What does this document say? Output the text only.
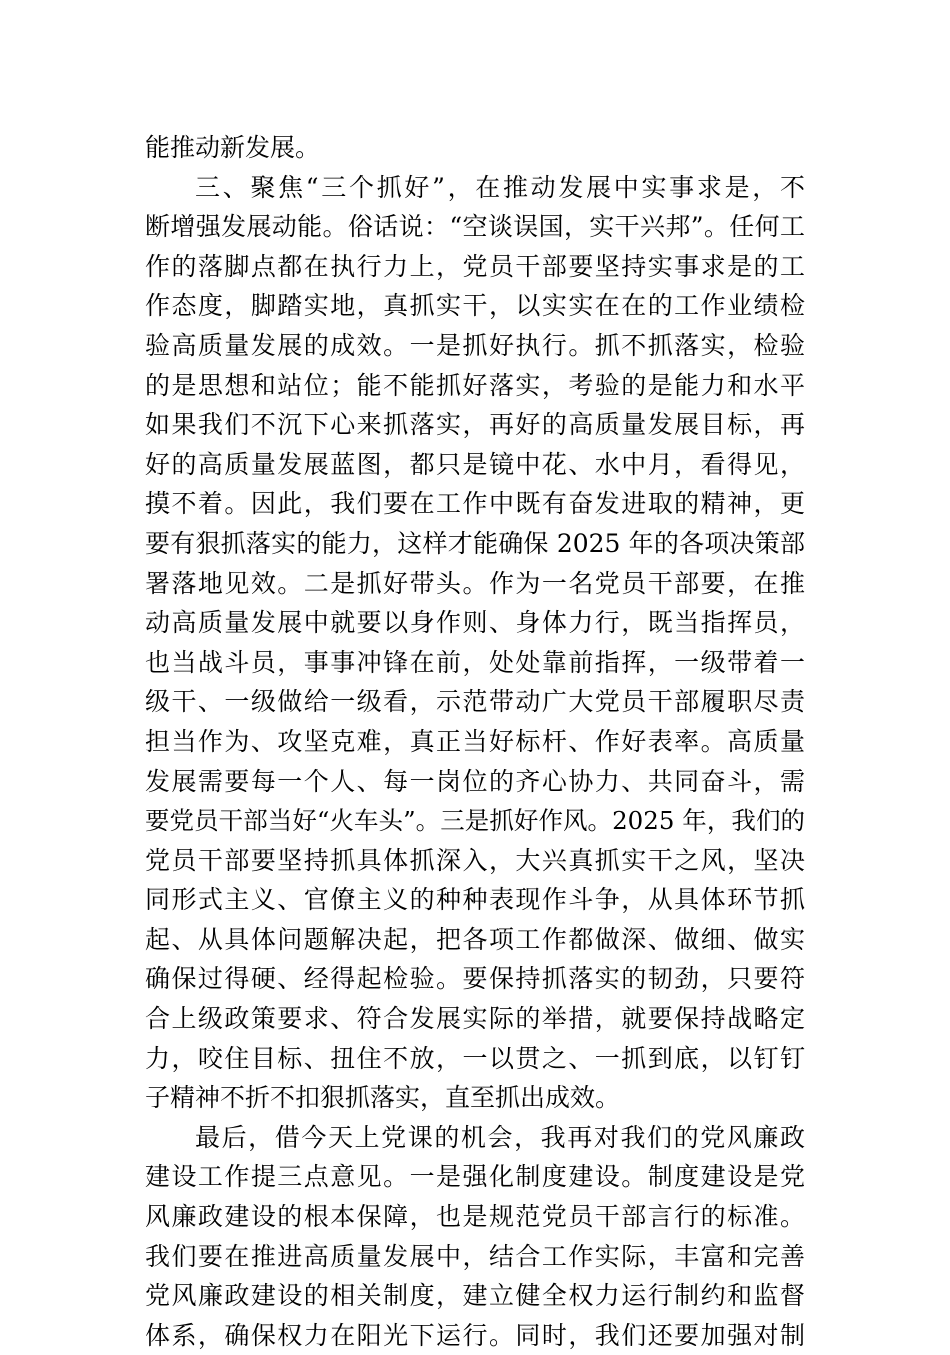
能推动新发展。
三、聚焦“三个抓好”，在推动发展中实事求是，不
断增强发展动能。俗话说：“空谈误国，实干兴邦”。任何工
作的落脚点都在执行力上，党员干部要坚持实事求是的工
作态度，脚踏实地，真抓实干，以实实在在的工作业绩检
验高质量发展的成效。一是抓好执行。抓不抓落实，检验
的是思想和站位；能不能抓好落实，考验的是能力和水平
如果我们不沉下心来抓落实，再好的高质量发展目标，再
好的高质量发展蓝图，都只是镜中花、水中月，看得见，
摸不着。因此，我们要在工作中既有奋发进取的精神，更
要有狠抓落实的能力，这样才能确保 2025 年的各项决策部
署落地见效。二是抓好带头。作为一名党员干部要，在推
动高质量发展中就要以身作则、身体力行，既当指挥员，
也当战斗员，事事冲锋在前，处处靠前指挥，一级带着一
级干、一级做给一级看，示范带动广大党员干部履职尽责
担当作为、攻坚克难，真正当好标杆、作好表率。高质量
发展需要每一个人、每一岗位的齐心协力、共同奋斗，需
要党员干部当好“火车头”。三是抓好作风。2025 年，我们的
党员干部要坚持抓具体抓深入，大兴真抓实干之风，坚决
同形式主义、官僚主义的种种表现作斗争，从具体环节抓
起、从具体问题解决起，把各项工作都做深、做细、做实
确保过得硬、经得起检验。要保持抓落实的韧劲，只要符
合上级政策要求、符合发展实际的举措，就要保持战略定
力，咬住目标、扭住不放，一以贯之、一抓到底，以钉钉
子精神不折不扣狠抓落实，直至抓出成效。
最后，借今天上党课的机会，我再对我们的党风廉政
建设工作提三点意见。一是强化制度建设。制度建设是党
风廉政建设的根本保障，也是规范党员干部言行的标准。
我们要在推进高质量发展中，结合工作实际，丰富和完善
党风廉政建设的相关制度，建立健全权力运行制约和监督
体系，确保权力在阳光下运行。同时，我们还要加强对制
